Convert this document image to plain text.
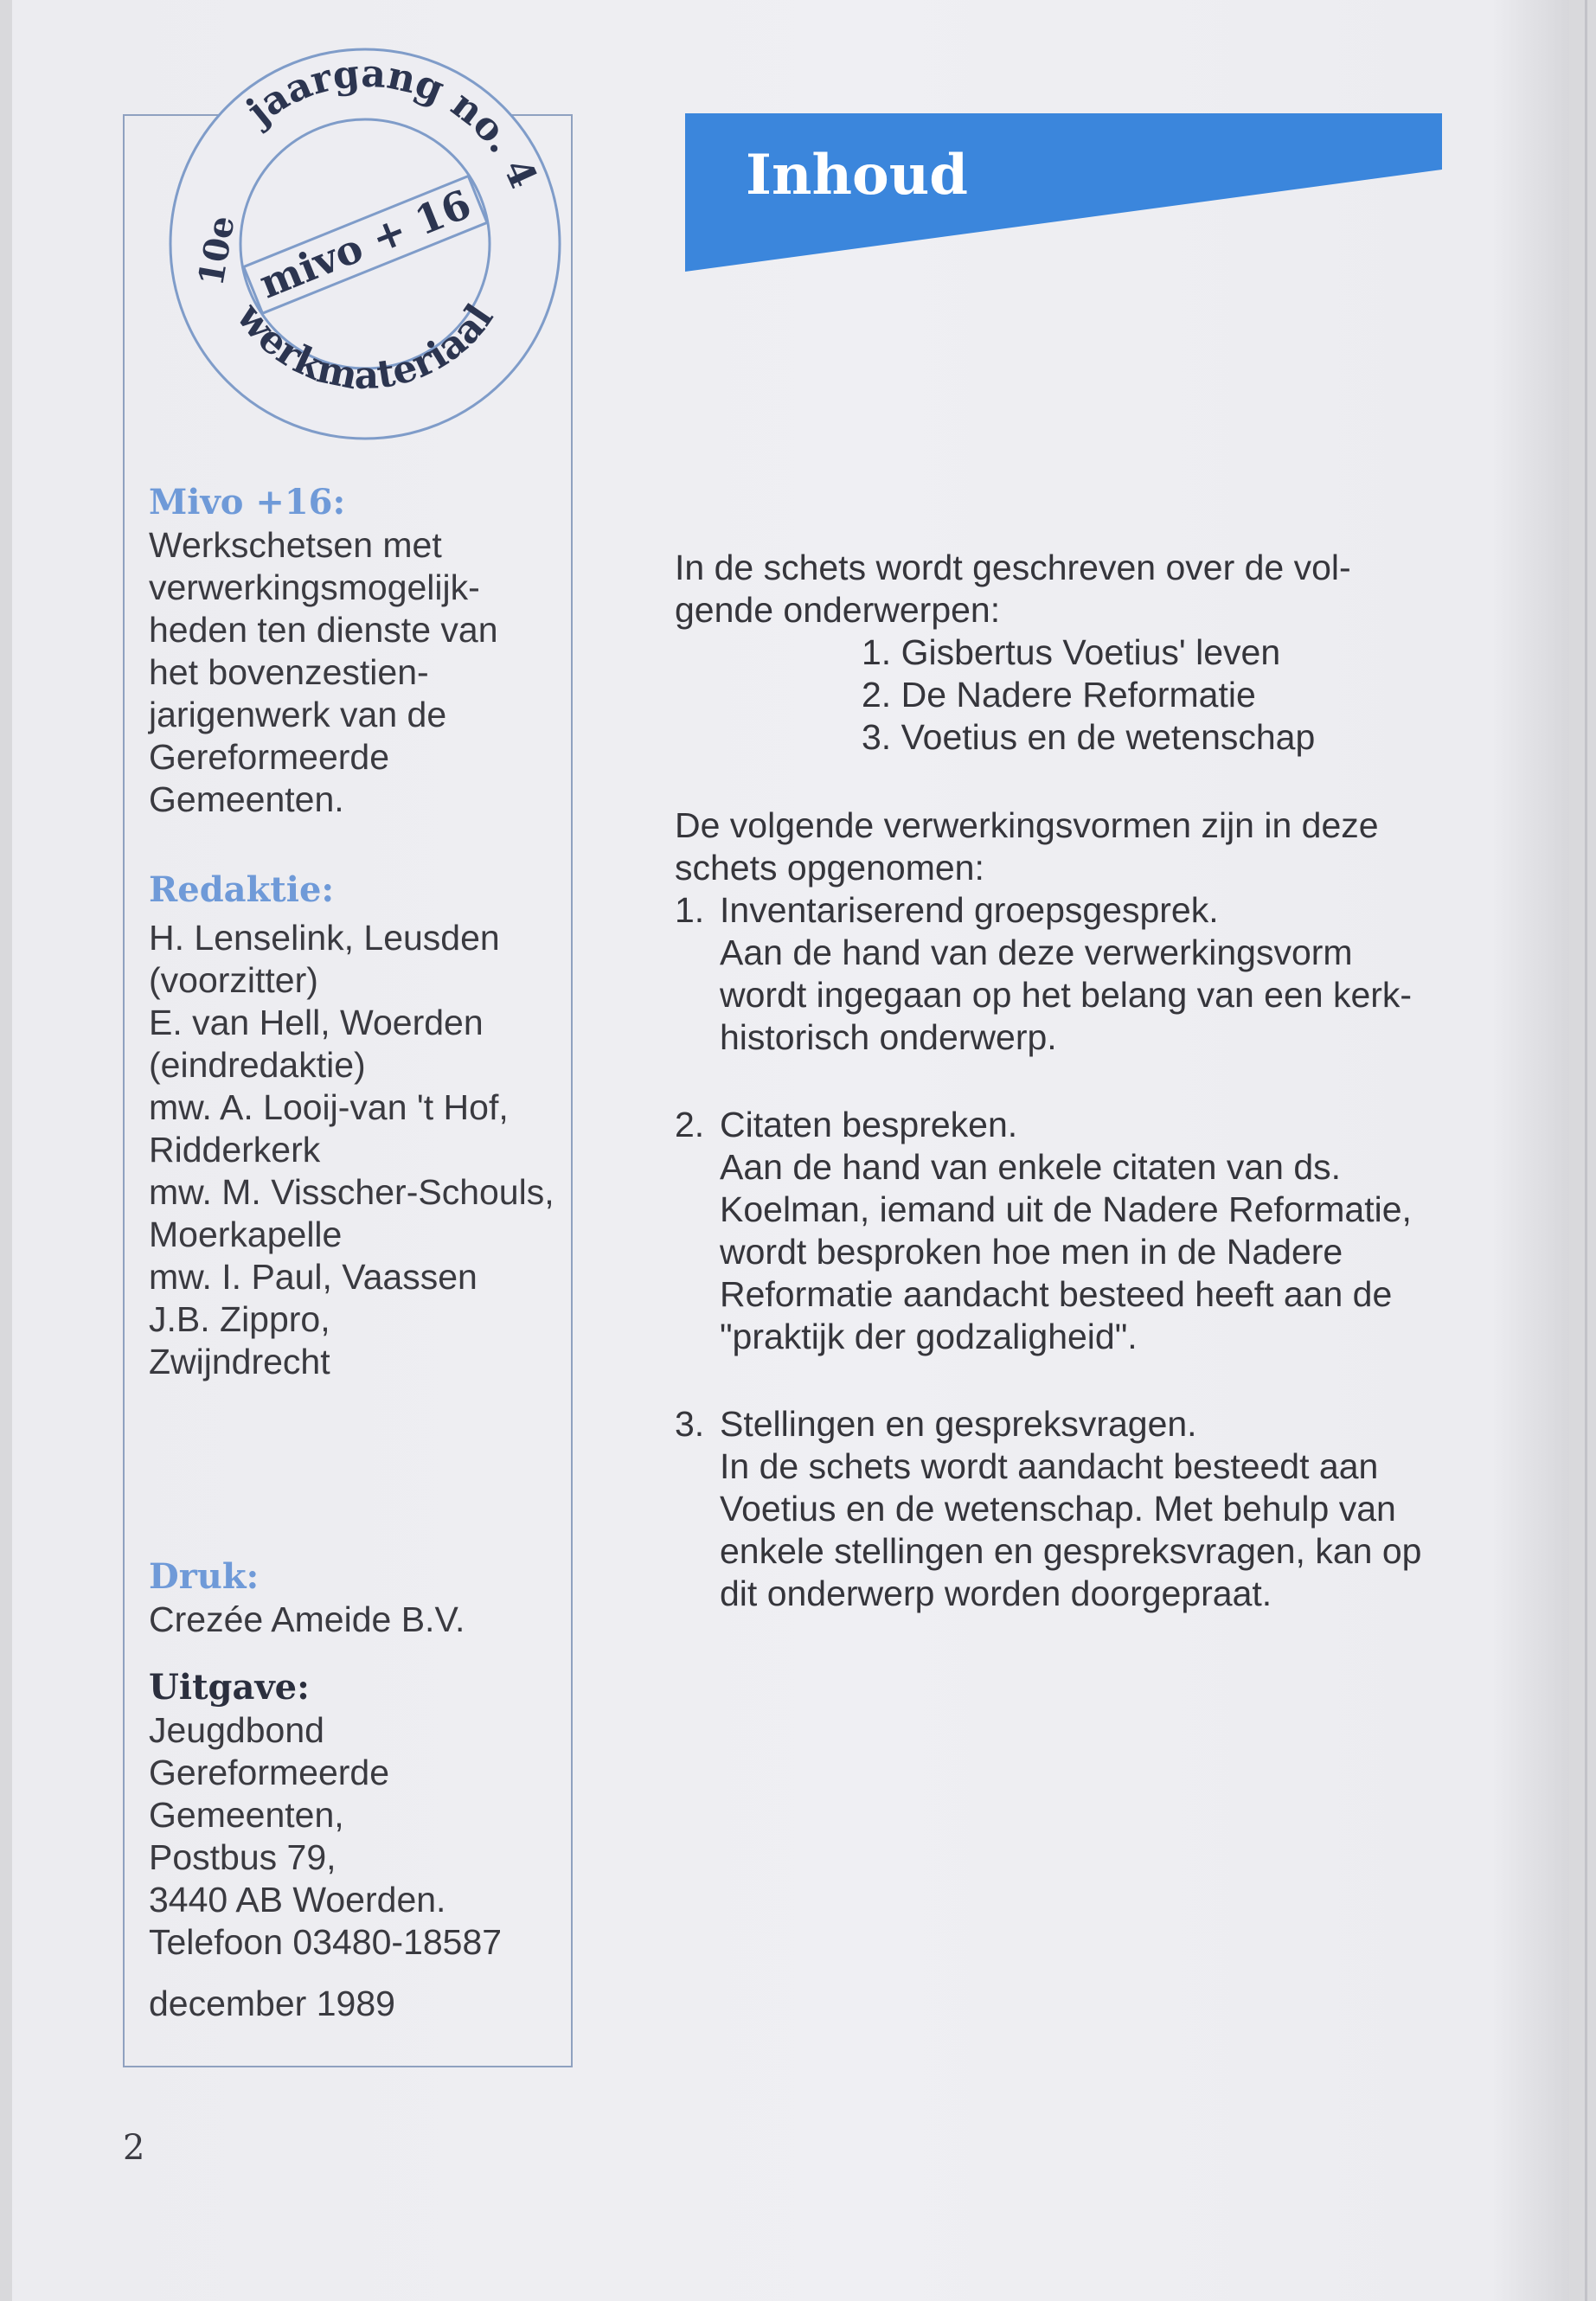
mivo + 16
jaargang no. 4
werkmateriaal
10e
Mivo +16:
Werkschetsen met
verwerkingsmogelijk-
heden ten dienste van
het bovenzestien-
jarigenwerk van de
Gereformeerde
Gemeenten.
Redaktie:
H. Lenselink, Leusden
(voorzitter)
E. van Hell, Woerden
(eindredaktie)
mw. A. Looij-van 't Hof,
Ridderkerk
mw. M. Visscher-Schouls,
Moerkapelle
mw. I. Paul, Vaassen
J.B. Zippro,
Zwijndrecht
Druk:
Crezée Ameide B.V.
Uitgave:
Jeugdbond
Gereformeerde
Gemeenten,
Postbus 79,
3440 AB Woerden.
Telefoon 03480-18587
december 1989
Inhoud
In de schets wordt geschreven over de vol-
gende onderwerpen:
1. Gisbertus Voetius' leven
2. De Nadere Reformatie
3. Voetius en de wetenschap
De volgende verwerkingsvormen zijn in deze
schets opgenomen:
1. Inventariserend groepsgesprek.
Aan de hand van deze verwerkingsvorm
wordt ingegaan op het belang van een kerk-
historisch onderwerp.
2. Citaten bespreken.
Aan de hand van enkele citaten van ds.
Koelman, iemand uit de Nadere Reformatie,
wordt besproken hoe men in de Nadere
Reformatie aandacht besteed heeft aan de
"praktijk der godzaligheid".
3. Stellingen en gespreksvragen.
In de schets wordt aandacht besteedt aan
Voetius en de wetenschap. Met behulp van
enkele stellingen en gespreksvragen, kan op
dit onderwerp worden doorgepraat.
2
